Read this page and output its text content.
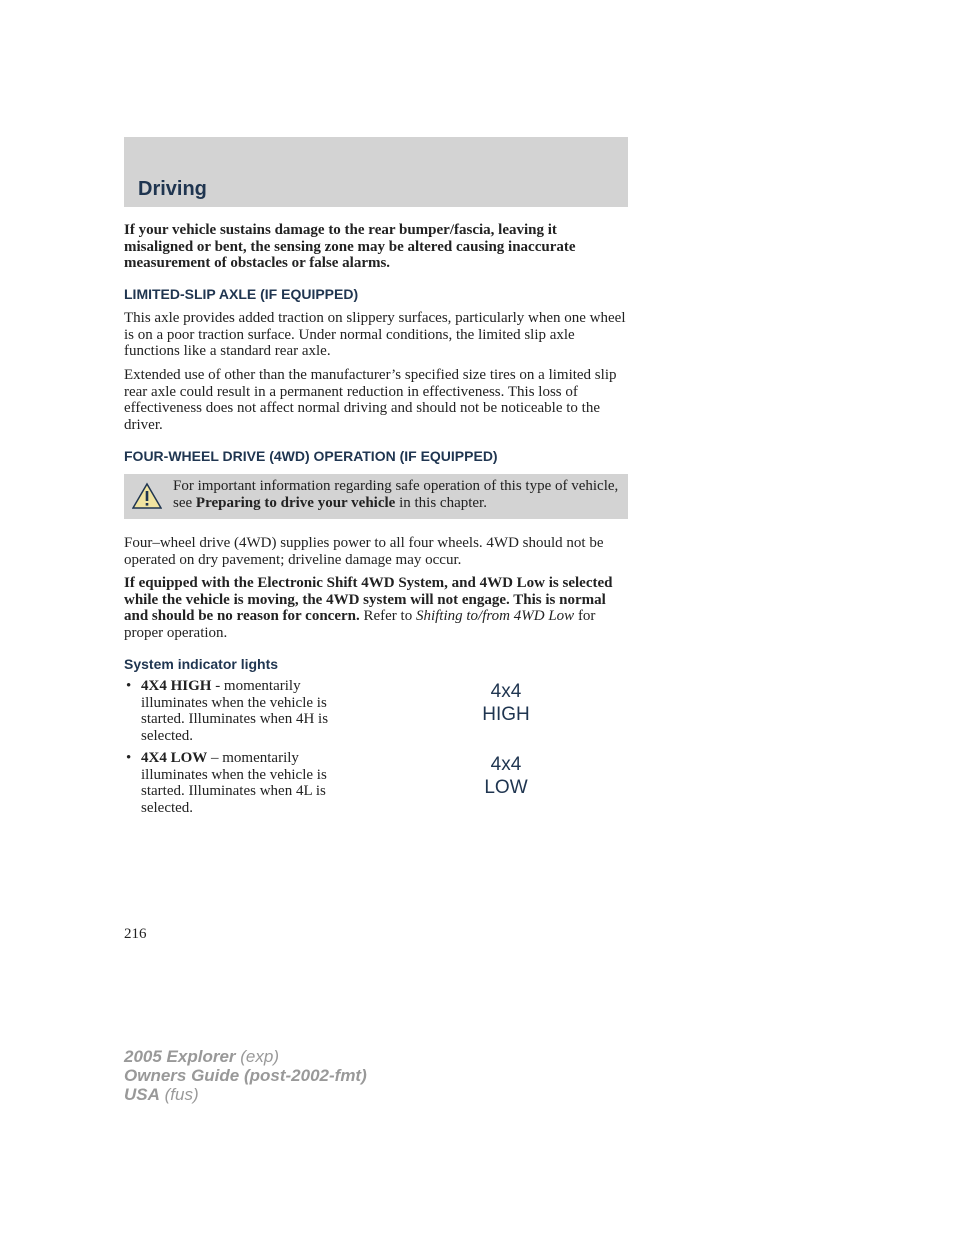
Driving

If your vehicle sustains damage to the rear bumper/fascia, leaving it misaligned or bent, the sensing zone may be altered causing inaccurate measurement of obstacles or false alarms.

LIMITED-SLIP AXLE (IF EQUIPPED)

This axle provides added traction on slippery surfaces, particularly when one wheel is on a poor traction surface. Under normal conditions, the limited slip axle functions like a standard rear axle.

Extended use of other than the manufacturer’s specified size tires on a limited slip rear axle could result in a permanent reduction in effectiveness. This loss of effectiveness does not affect normal driving and should not be noticeable to the driver.

FOUR-WHEEL DRIVE (4WD) OPERATION (IF EQUIPPED)

For important information regarding safe operation of this type of vehicle, see Preparing to drive your vehicle in this chapter.

Four–wheel drive (4WD) supplies power to all four wheels. 4WD should not be operated on dry pavement; driveline damage may occur.

If equipped with the Electronic Shift 4WD System, and 4WD Low is selected while the vehicle is moving, the 4WD system will not engage. This is normal and should be no reason for concern. Refer to Shifting to/from 4WD Low for proper operation.

System indicator lights

• 4X4 HIGH - momentarily illuminates when the vehicle is started. Illuminates when 4H is selected.

• 4X4 LOW – momentarily illuminates when the vehicle is started. Illuminates when 4L is selected.

4x4
HIGH
4x4
LOW
216
2005 Explorer (exp)
Owners Guide (post-2002-fmt)
USA (fus)
